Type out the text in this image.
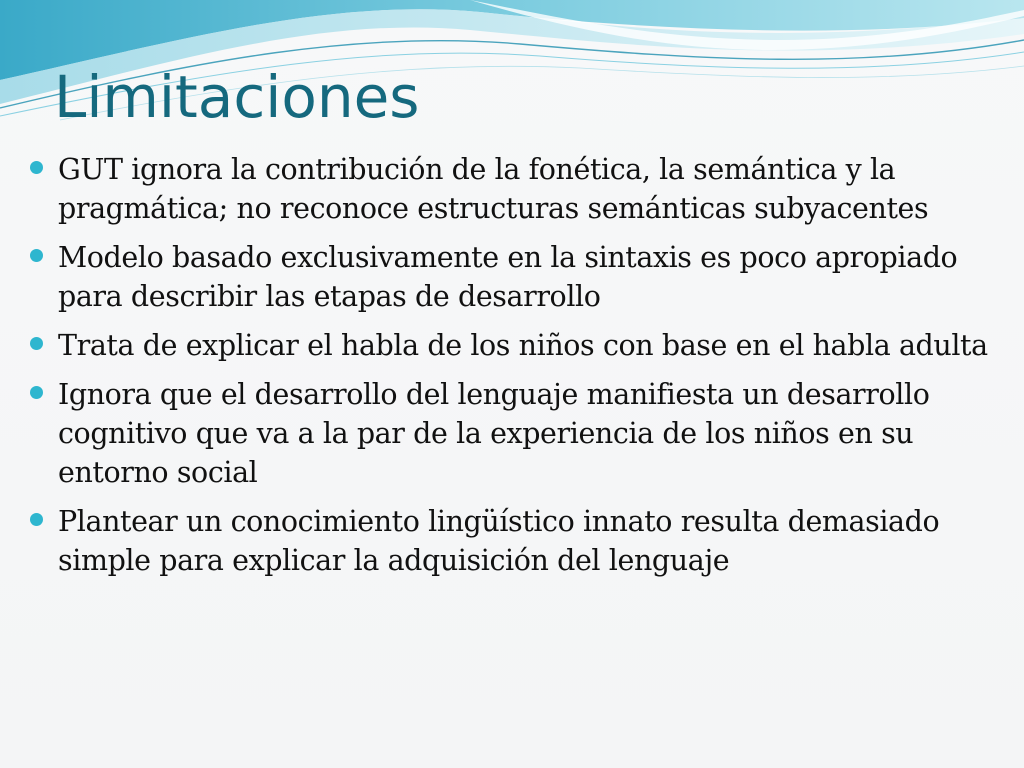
Limitaciones
GUT ignora la contribución de la fonética, la semántica y la pragmática; no reconoce estructuras semánticas subyacentes
Modelo basado exclusivamente en la sintaxis es poco apropiado para describir las etapas de desarrollo
Trata de explicar el habla de los niños con base en el habla adulta
Ignora que el desarrollo del lenguaje manifiesta un desarrollo cognitivo que va a la par de la experiencia de los niños en su entorno social
Plantear un conocimiento lingüístico innato resulta demasiado simple para explicar la adquisición del lenguaje
